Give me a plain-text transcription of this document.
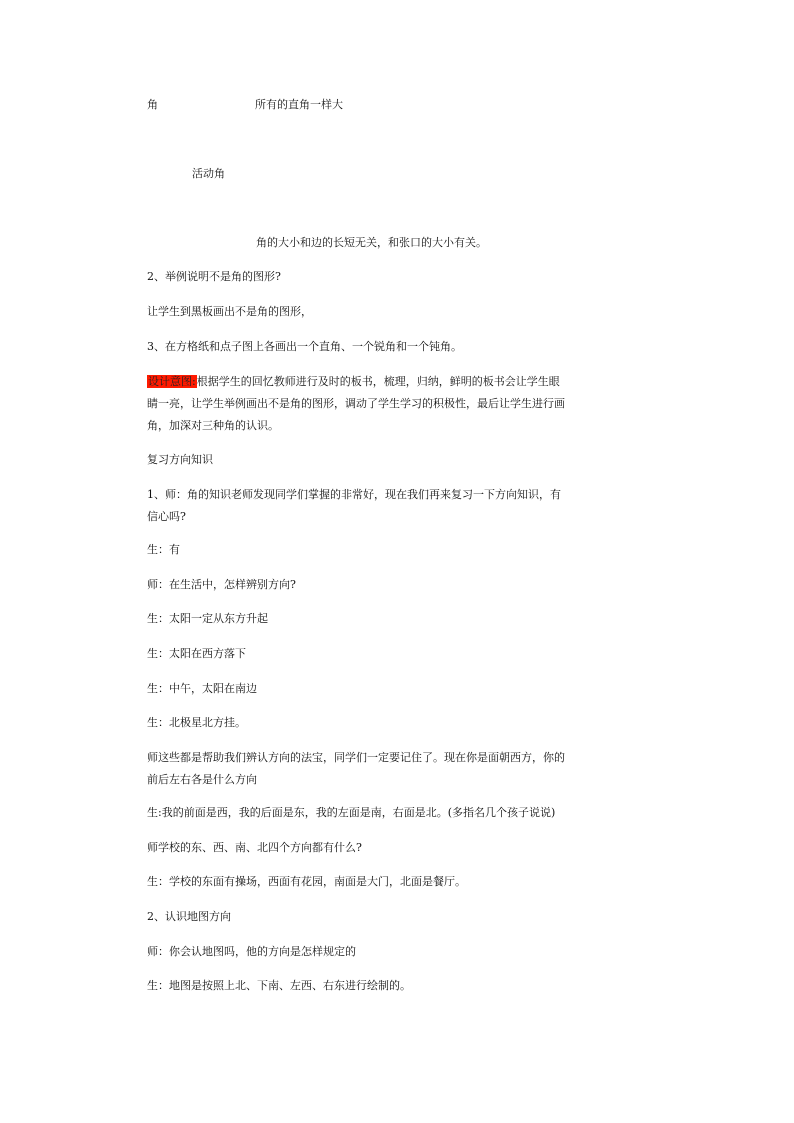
角	所有的直角一样大
活动角
角的大小和边的长短无关，和张口的大小有关。
2、举例说明不是角的图形?
让学生到黑板画出不是角的图形，
3、在方格纸和点子图上各画出一个直角、一个锐角和一个钝角。
设计意图:根据学生的回忆教师进行及时的板书，梳理，归纳，鲜明的板书会让学生眼
睛一亮，让学生举例画出不是角的图形，调动了学生学习的积极性，最后让学生进行画
角，加深对三种角的认识。
复习方向知识
1、师：角的知识老师发现同学们掌握的非常好，现在我们再来复习一下方向知识，有
信心吗?
生：有
师：在生活中，怎样辨别方向?
生：太阳一定从东方升起
生：太阳在西方落下
生：中午，太阳在南边
生：北极星北方挂。
师这些都是帮助我们辨认方向的法宝，同学们一定要记住了。现在你是面朝西方，你的
前后左右各是什么方向
生:我的前面是西，我的后面是东，我的左面是南，右面是北。(多指名几个孩子说说)
师学校的东、西、南、北四个方向都有什么?
生：学校的东面有操场，西面有花园，南面是大门，北面是餐厅。
2、认识地图方向
师：你会认地图吗，他的方向是怎样规定的
生：地图是按照上北、下南、左西、右东进行绘制的。
